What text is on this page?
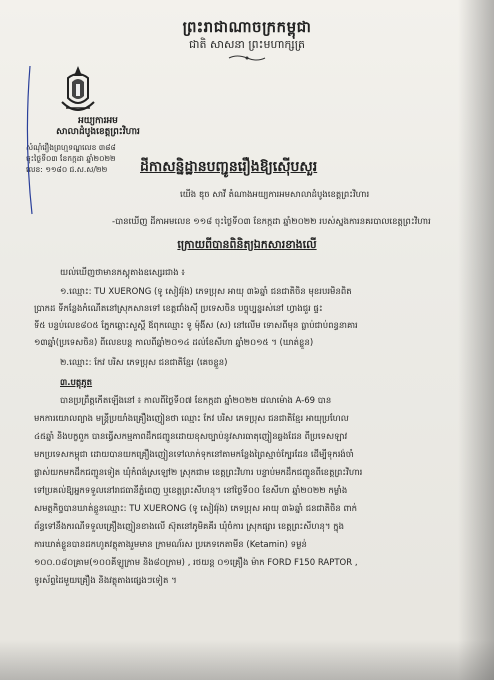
ព្រះរាជាណាចក្រកម្ពុជា
ជាតិ សាសនា ព្រះមហាក្សត្រ
អយ្យការអម
សាលាដំបូងខេត្តព្រះវិហារ
សំណុំរឿងព្រហ្មទណ្ឌលេខ ៣៨៨
ចុះថ្ងៃទី០៣ ខែកក្កដា ឆ្នាំ២០២២
លេខ: ១១៨០ ជ.ស.ស/២២	ដីកាសន្និដ្ឋានបញ្ជូនរឿងឱ្យស៊ើបសួរ
យើង ឌុច សាវី តំណាងអយ្យការអមសាលាដំបូងខេត្តព្រះវិហារ
-បានឃើញ ដីកាអមលេខ ១១៨ ចុះថ្ងៃទី០៣ ខែកក្កដា ឆ្នាំ២០២២ របស់ស្នងការនគរបាលខេត្តព្រះវិហារ
ក្រោយពីបានពិនិត្យឯកសារខាងលើ
យល់ឃើញថាមានភស្តុតាងឧសេ្សរជាង ៖
១.ឈ្មោះ: TU XUERONG (ទូ សៀវរ៉ុង) ភេទប្រុស អាយុ ៣៦ឆ្នាំ ជនជាតិចិន មុខរបរមិនពិត
ប្រាកដ ទីកន្លែងកំណើតនៅស្រុកសានទៅ ខេត្តជាំងស៊ី ប្រទេសចិន បច្ចុប្បន្នរស់នៅ ហ្វាងជួរ ផ្ទះ
ទី៥ បន្ទប់លេខ៨០៥ ភ្នែកឆ្ពោះសួស្ដី ឪពុកឈ្មោះ ទូ ម៉ុងីស (ស) នៅលើម ទោសពីមុន ធ្លាប់ជាប់ពន្ធនាគារ
១៣ឆ្នាំ(ប្រទេសចិន) ពីលេខបន្ត កាលពីឆ្នាំ២០១៤ ដល់ខែសីហា ឆ្នាំ២០១៥ ។ (ឃាត់ខ្លួន)
២.ឈ្មោះ: កែវ បរិស ភេទប្រុស ជនជាតិខ្មែរ (គេចខ្លួន)
៣.បត្តុភូត
បានប្រព្រឹត្តកើតឡើងនៅ ៖ កាលពីថ្ងៃទី០៧ ខែកក្កដា ឆ្នាំ២០២២ វេលាម៉ោង A-69 បាន
មកការយោលព្យាង មន្ត្រីប្រយាំងគ្រឿងញៀនថា ឈ្មោះ កែវ បរិស ភេទប្រុស ជនជាតិខ្មែរ អាយុប្រហែល
៤៥ឆ្នាំ និងបក្ខពួក បានធ្វើសកម្មភាពដឹកជញ្ជូនដោយខុសច្បាប់នូវសារធាតុញៀនឆ្លងដែន ពីប្រទេសឡាវ
មកប្រទេសកម្ពុជា ដោយបានយកគ្រឿងញៀនទៅលាក់ទុកនៅតាមកន្លែងព្រៃស្មាច់ក្បែរដែន ដើម្បីទុករង់ចាំ
ផ្លាស់យកមកដឹកជញ្ជូនទៀត ឃុំកំពង់ស្រឡៅ២ ស្រុកជាម ខេត្តព្រះវិហារ បន្ទាប់មកដឹកជញ្ជូនពីខេត្តព្រះវិហារ
ទៅប្រគល់ឱ្យអ្នកទទួលនៅរាជធានីភ្នំពេញ ឬខេត្តព្រះសីហនុ។ នៅថ្ងៃទី០០ ខែសីហា ឆ្នាំ២០២២ កម្លាំង
សមត្ថកិច្ចបានឃាត់ខ្លួនឈ្មោះ: TU XUERONG (ទូ សៀវរ៉ុង) ភេទប្រុស អាយុ ៣៦ឆ្នាំ ជនជាតិចិន ពាក់
ព័ន្ធទៅនឹងករណីទទួលគ្រឿងញៀនខាងលើ ស៊ុតនៅភូមិគគីរ ឃុំចំការ ស្រុកផ្សារ ខេត្តព្រះសីហនុ។ ក្នុង
ការឃាត់ខ្លួនបានដកហូតវត្ថុតាងរួមមាន ក្រាមណ័រស ប្រភេទកេតាមីន (Ketamin) ទម្ងន់
១០០.០៨០គ្រាម(១០០គីឡូក្រាម និង៨០ក្រាម) , រថយន្ត ០១គ្រឿង ម៉ាក FORD F150 RAPTOR ,
ទូរស័ព្ទដៃមួយគ្រឿង និងវត្ថុតាងផ្សេងៗទៀត ។
